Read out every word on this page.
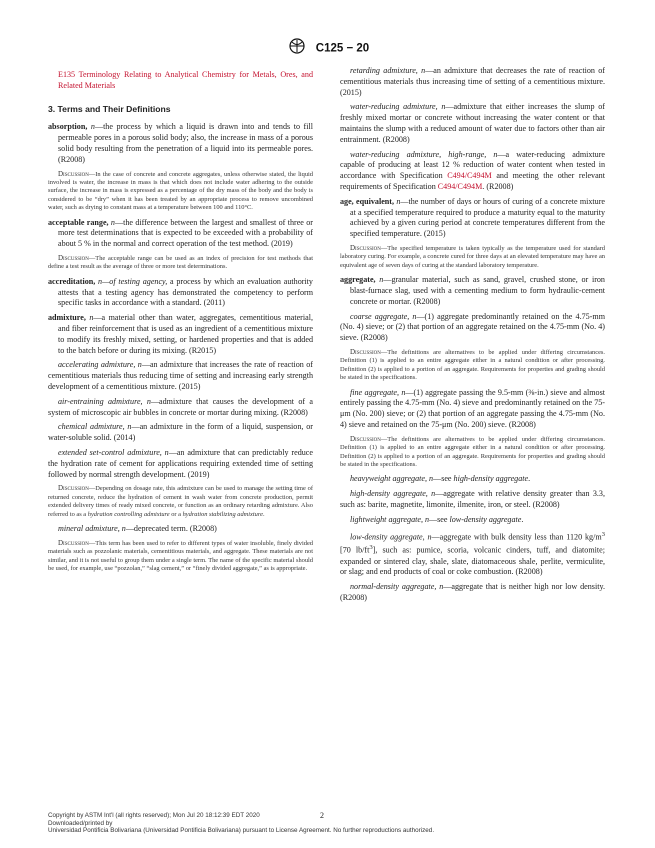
C125 − 20

E135 Terminology Relating to Analytical Chemistry for Metals, Ores, and Related Materials

3. Terms and Their Definitions

absorption, n—the process by which a liquid is drawn into and tends to fill permeable pores in a porous solid body; also, the increase in mass of a porous solid body resulting from the penetration of a liquid into its permeable pores. (R2008)

Discussion—In the case of concrete and concrete aggregates, unless otherwise stated, the liquid involved is water, the increase in mass is that which does not include water adhering to the outside surface, the increase in mass is expressed as a percentage of the dry mass of the body and the body is considered to be “dry” when it has been treated by an appropriate process to remove uncombined water, such as drying to constant mass at a temperature between 100 and 110°C.

acceptable range, n—the difference between the largest and smallest of three or more test determinations that is expected to be exceeded with a probability of about 5 % in the normal and correct operation of the test method. (2019)

Discussion—The acceptable range can be used as an index of precision for test methods that define a test result as the average of three or more test determinations.

accreditation, n—of testing agency, a process by which an evaluation authority attests that a testing agency has demonstrated the competency to perform specific tasks in accordance with a standard. (2011)

admixture, n—a material other than water, aggregates, cementitious material, and fiber reinforcement that is used as an ingredient of a cementitious mixture to modify its freshly mixed, setting, or hardened properties and that is added to the batch before or during its mixing. (R2015)

accelerating admixture, n—an admixture that increases the rate of reaction of cementitious materials thus reducing time of setting and increasing early strength development of a cementitious mixture. (2015)

air-entraining admixture, n—admixture that causes the development of a system of microscopic air bubbles in concrete or mortar during mixing. (R2008)

chemical admixture, n—an admixture in the form of a liquid, suspension, or water-soluble solid. (2014)

extended set-control admixture, n—an admixture that can predictably reduce the hydration rate of cement for applications requiring extended time of setting followed by normal strength development. (2019)

Discussion—Depending on dosage rate, this admixture can be used to manage the setting time of returned concrete, reduce the hydration of cement in wash water from concrete production, permit extended delivery times of ready mixed concrete, or function as an ordinary retarding admixture. Also referred to as a hydration controlling admixture or a hydration stabilizing admixture.

mineral admixture, n—deprecated term. (R2008)

Discussion—This term has been used to refer to different types of water insoluble, finely divided materials such as pozzolanic materials, cementitious materials, and aggregate. These materials are not similar, and it is not useful to group them under a single term. The name of the specific material should be used, for example, use “pozzolan,” “slag cement,” or “finely divided aggregate,” as is appropriate.

retarding admixture, n—an admixture that decreases the rate of reaction of cementitious materials thus increasing time of setting of a cementitious mixture. (2015)

water-reducing admixture, n—admixture that either increases the slump of freshly mixed mortar or concrete without increasing the water content or that maintains the slump with a reduced amount of water due to factors other than air entrainment. (R2008)

water-reducing admixture, high-range, n—a water-reducing admixture capable of producing at least 12 % reduction of water content when tested in accordance with Specification C494/C494M and meeting the other relevant requirements of Specification C494/C494M. (R2008)

age, equivalent, n—the number of days or hours of curing of a concrete mixture at a specified temperature required to produce a maturity equal to the maturity achieved by a given curing period at concrete temperatures different from the specified temperature. (2015)

Discussion—The specified temperature is taken typically as the temperature used for standard laboratory curing. For example, a concrete cured for three days at an elevated temperature may have an equivalent age of seven days of curing at the standard laboratory temperature.

aggregate, n—granular material, such as sand, gravel, crushed stone, or iron blast-furnace slag, used with a cementing medium to form hydraulic-cement concrete or mortar. (R2008)

coarse aggregate, n—(1) aggregate predominantly retained on the 4.75-mm (No. 4) sieve; or (2) that portion of an aggregate retained on the 4.75-mm (No. 4) sieve. (R2008)

Discussion—The definitions are alternatives to be applied under differing circumstances. Definition (1) is applied to an entire aggregate either in a natural condition or after processing. Definition (2) is applied to a portion of an aggregate. Requirements for properties and grading should be stated in the specifications.

fine aggregate, n—(1) aggregate passing the 9.5-mm (⅜-in.) sieve and almost entirely passing the 4.75-mm (No. 4) sieve and predominantly retained on the 75-μm (No. 200) sieve; or (2) that portion of an aggregate passing the 4.75-mm (No. 4) sieve and retained on the 75-μm (No. 200) sieve. (R2008)

Discussion—The definitions are alternatives to be applied under differing circumstances. Definition (1) is applied to an entire aggregate either in a natural condition or after processing. Definition (2) is applied to a portion of an aggregate. Requirements for properties and grading should be stated in the specifications.

heavyweight aggregate, n—see high-density aggregate.

high-density aggregate, n—aggregate with relative density greater than 3.3, such as: barite, magnetite, limonite, ilmenite, iron, or steel. (R2008)

lightweight aggregate, n—see low-density aggregate.

low-density aggregate, n—aggregate with bulk density less than 1120 $kg/m^3$ [70 $lb/ft^3$], such as: pumice, scoria, volcanic cinders, tuff, and diatomite; expanded or sintered clay, shale, slate, diatomaceous shale, perlite, vermiculite, or slag; and end products of coal or coke combustion. (R2008)

normal-density aggregate, n—aggregate that is neither high nor low density. (R2008)

2
Copyright by ASTM Int'l (all rights reserved); Mon Jul 20 18:12:39 EDT 2020
Downloaded/printed by
Universidad Pontificia Bolivariana (Universidad Pontificia Bolivariana) pursuant to License Agreement. No further reproductions authorized.
